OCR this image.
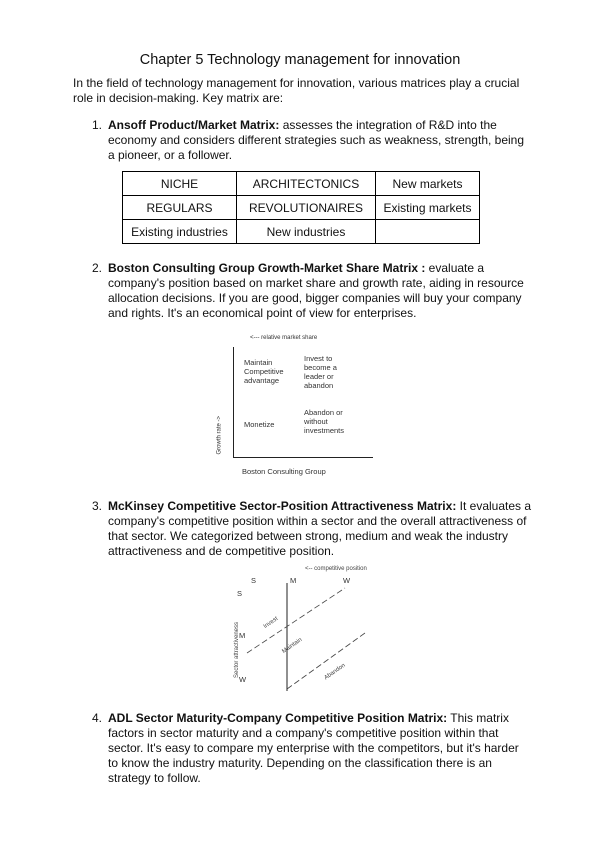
Chapter 5 Technology management for innovation
In the field of technology management for innovation, various matrices play a crucial role in decision-making. Key matrix are:
1. Ansoff Product/Market Matrix: assesses the integration of R&D into the economy and considers different strategies such as weakness, strength, being a pioneer, or a follower.
NICHE	ARCHITECTONICS	New markets
REGULARS	REVOLUTIONAIRES	Existing markets
Existing industries	New industries	
2. Boston Consulting Group Growth-Market Share Matrix : evaluate a company's position based on market share and growth rate, aiding in resource allocation decisions. If you are good, bigger companies will buy your company and rights. It's an economical point of view for enterprises.
<--- relative market share
Growth rate ->
Maintain Competitive advantage
Invest to become a leader or abandon
Monetize
Abandon or without investments
Boston Consulting Group
3. McKinsey Competitive Sector-Position Attractiveness Matrix: It evaluates a company's competitive position within a sector and the overall attractiveness of that sector. We categorized between strong, medium and weak the industry attractiveness and de competitive position.
<-- competitive position
S	M	W
S
M
W
Sector attractiveness	Invest
Maintain
Abandon
4. ADL Sector Maturity-Company Competitive Position Matrix: This matrix factors in sector maturity and a company's competitive position within that sector. It's easy to compare my enterprise with the competitors, but it's harder to know the industry maturity. Depending on the classification there is an strategy to follow.
